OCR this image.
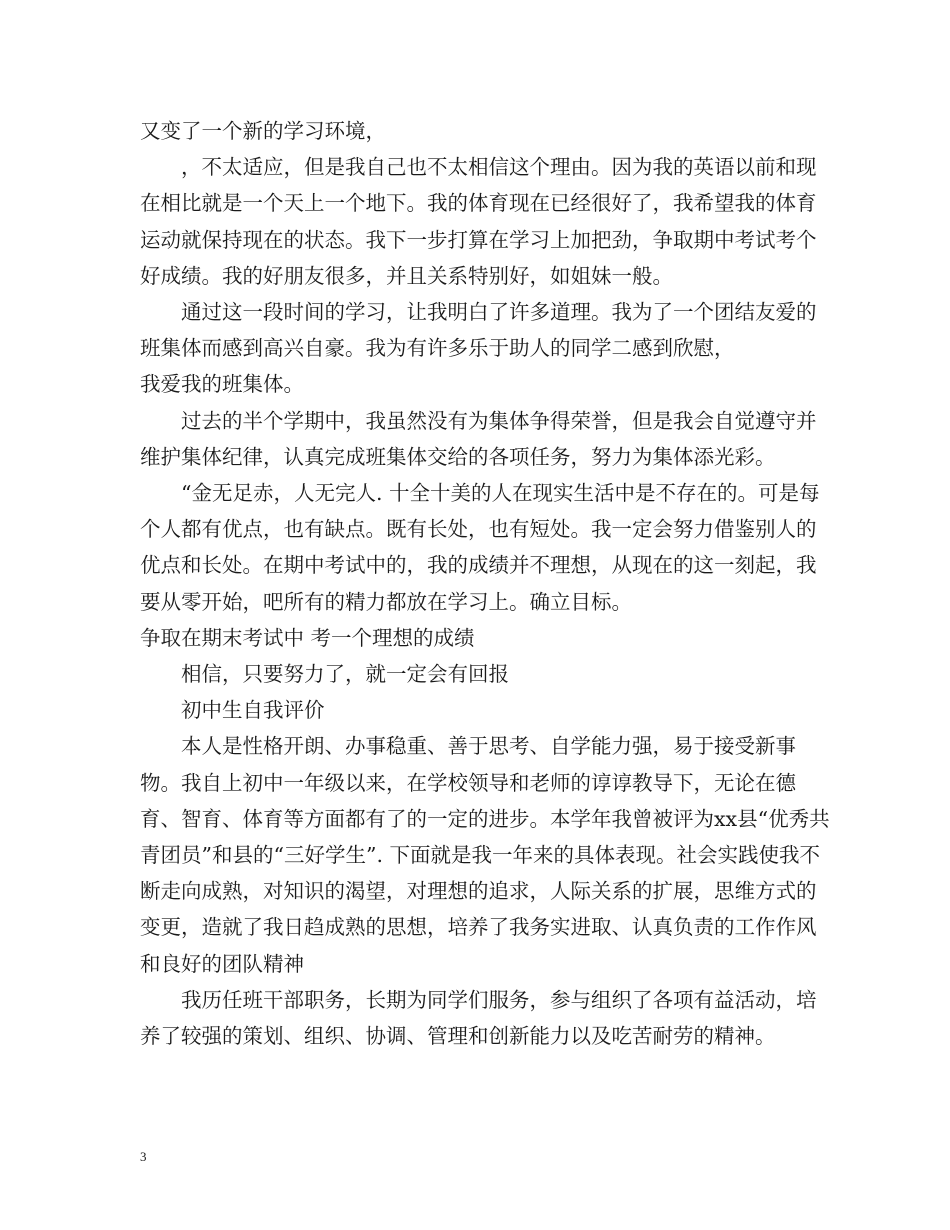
又变了一个新的学习环境，

，不太适应，但是我自己也不太相信这个理由。因为我的英语以前和现在相比就是一个天上一个地下。我的体育现在已经很好了，我希望我的体育运动就保持现在的状态。我下一步打算在学习上加把劲，争取期中考试考个好成绩。我的好朋友很多，并且关系特别好，如姐妹一般。

通过这一段时间的学习，让我明白了许多道理。我为了一个团结友爱的班集体而感到高兴自豪。我为有许多乐于助人的同学二感到欣慰，

我爱我的班集体。

过去的半个学期中，我虽然没有为集体争得荣誉，但是我会自觉遵守并维护集体纪律，认真完成班集体交给的各项任务，努力为集体添光彩。

“金无足赤，人无完人. 十全十美的人在现实生活中是不存在的。可是每个人都有优点，也有缺点。既有长处，也有短处。我一定会努力借鉴别人的优点和长处。在期中考试中的，我的成绩并不理想，从现在的这一刻起，我要从零开始，吧所有的精力都放在学习上。确立目标。

争取在期末考试中 考一个理想的成绩

相信，只要努力了，就一定会有回报

初中生自我评价

本人是性格开朗、办事稳重、善于思考、自学能力强，易于接受新事物。我自上初中一年级以来，在学校领导和老师的谆谆教导下，无论在德育、智育、体育等方面都有了的一定的进步。本学年我曾被评为xx县“优秀共青团员”和县的“三好学生”. 下面就是我一年来的具体表现。社会实践使我不断走向成熟，对知识的渴望，对理想的追求，人际关系的扩展，思维方式的变更，造就了我日趋成熟的思想，培养了我务实进取、认真负责的工作作风和良好的团队精神

我历任班干部职务，长期为同学们服务，参与组织了各项有益活动，培养了较强的策划、组织、协调、管理和创新能力以及吃苦耐劳的精神。

3
